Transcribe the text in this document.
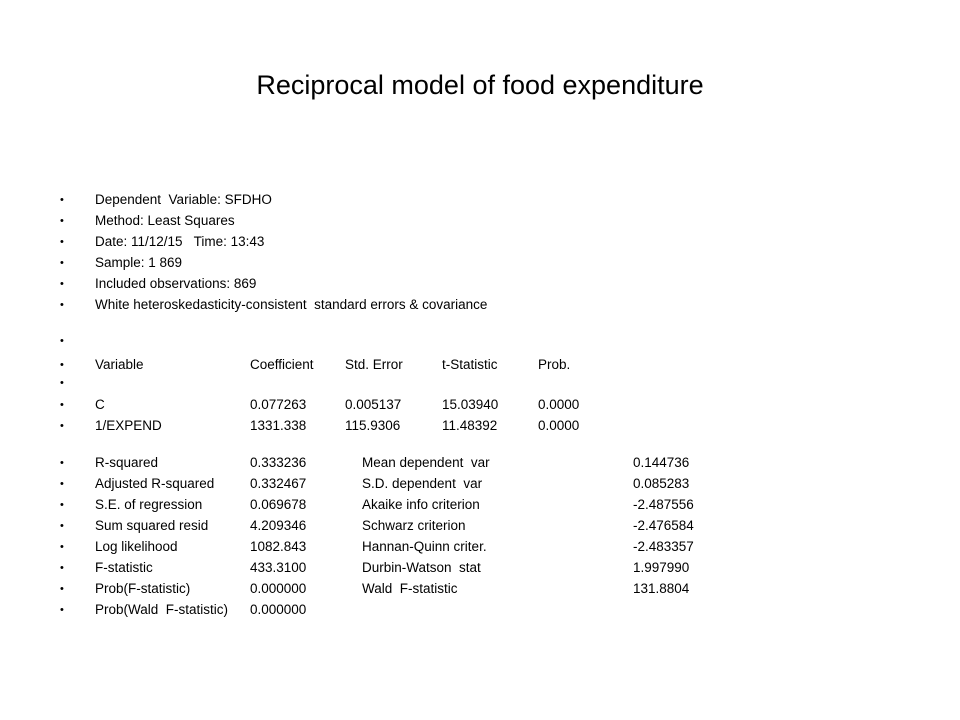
Reciprocal model of food expenditure

•

	Dependent  Variable: SFDHO

•

	Method: Least Squares

•

	Date: 11/12/15   Time: 13:43

•

	Sample: 1 869

•

	Included observations: 869

•

	White heteroskedasticity-consistent  standard errors & covariance

•

•

	Variable

	Coefficient

Std. Error

	t-Statistic

	Prob.

•

•

	C

	0.077263

	0.005137

	15.03940

	0.0000

•

	1/EXPEND

	1331.338

	115.9306

	11.48392

	0.0000

•

	R-squared

	0.333236

	Mean dependent  var

	0.144736

•

	Adjusted R-squared

	0.332467

	S.D. dependent  var

	0.085283

•

	S.E. of regression

	0.069678

	Akaike info criterion

	-2.487556

•

	Sum squared resid

	4.209346

	Schwarz criterion

	-2.476584

•

	Log likelihood

	1082.843

	Hannan-Quinn criter.

	-2.483357

•

	F-statistic

	433.3100

	Durbin-Watson  stat

	1.997990

•

	Prob(F-statistic)

	0.000000

	Wald  F-statistic

	131.8804

•

	Prob(Wald  F-statistic)

0.000000
